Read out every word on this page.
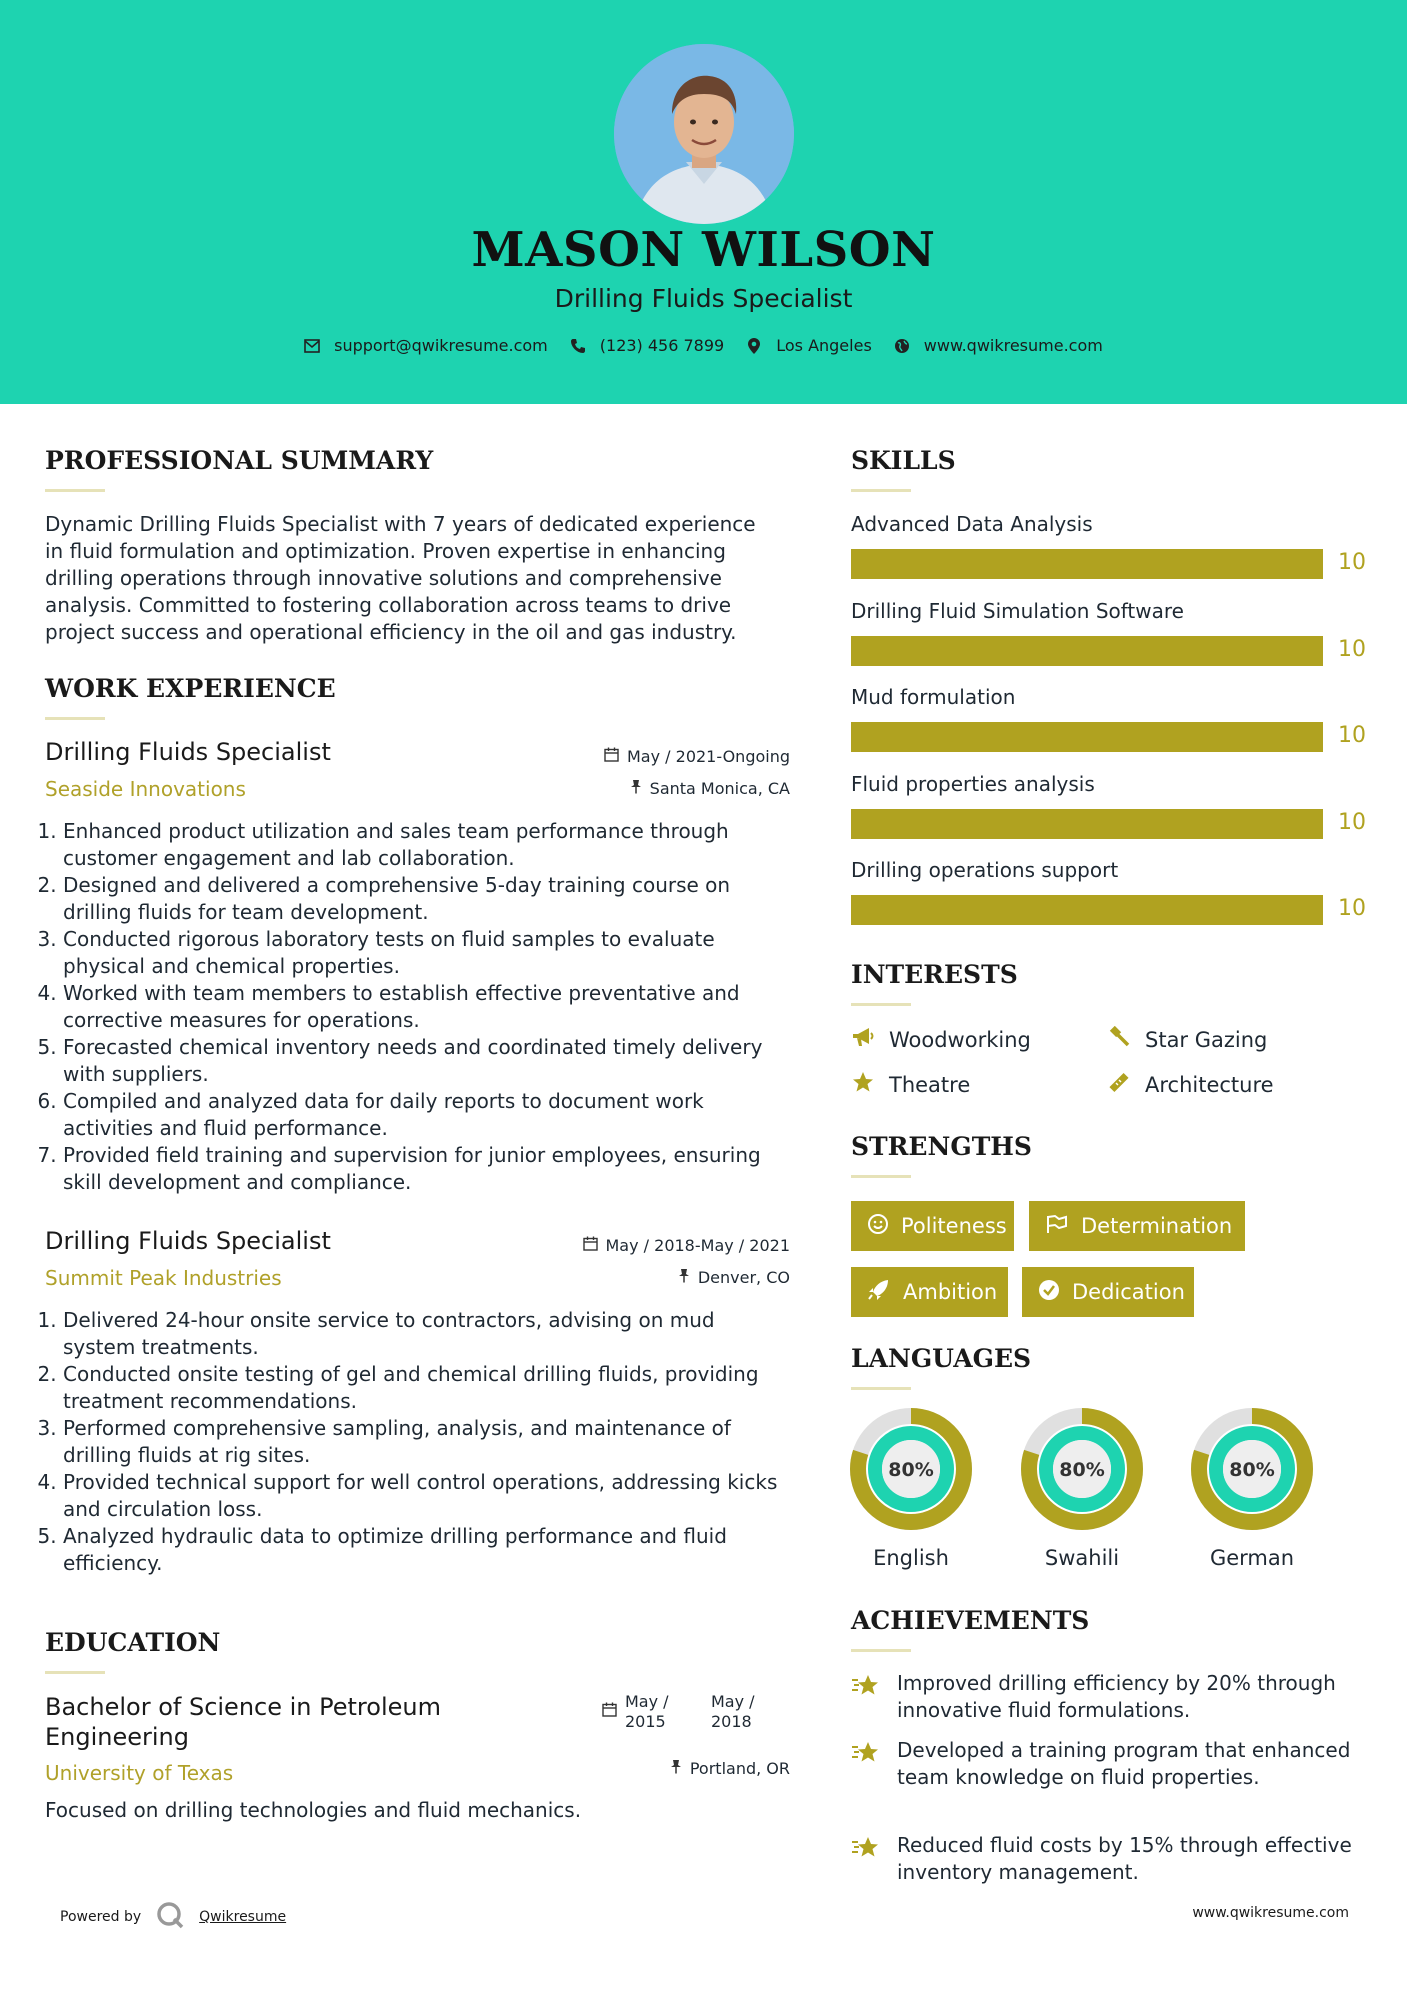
MASON WILSON
Drilling Fluids Specialist
support@qwikresume.com	(123) 456 7899	Los Angeles	www.qwikresume.com
PROFESSIONAL SUMMARY
Dynamic Drilling Fluids Specialist with 7 years of dedicated experience
in fluid formulation and optimization. Proven expertise in enhancing
drilling operations through innovative solutions and comprehensive
analysis. Committed to fostering collaboration across teams to drive
project success and operational efficiency in the oil and gas industry.
WORK EXPERIENCE
Drilling Fluids Specialist
Seaside Innovations
May / 2021-Ongoing
Santa Monica, CA
1. Enhanced product utilization and sales team performance through customer engagement and lab collaboration.
2. Designed and delivered a comprehensive 5-day training course on drilling fluids for team development.
3. Conducted rigorous laboratory tests on fluid samples to evaluate physical and chemical properties.
4. Worked with team members to establish effective preventative and corrective measures for operations.
5. Forecasted chemical inventory needs and coordinated timely delivery with suppliers.
6. Compiled and analyzed data for daily reports to document work activities and fluid performance.
7. Provided field training and supervision for junior employees, ensuring skill development and compliance.
Drilling Fluids Specialist
Summit Peak Industries
May / 2018-May / 2021
Denver, CO
1. Delivered 24-hour onsite service to contractors, advising on mud system treatments.
2. Conducted onsite testing of gel and chemical drilling fluids, providing treatment recommendations.
3. Performed comprehensive sampling, analysis, and maintenance of drilling fluids at rig sites.
4. Provided technical support for well control operations, addressing kicks and circulation loss.
5. Analyzed hydraulic data to optimize drilling performance and fluid efficiency.
EDUCATION
Bachelor of Science in Petroleum
Engineering
University of Texas
May /
2015
May /
2018
Portland, OR
Focused on drilling technologies and fluid mechanics.
SKILLS
Advanced Data Analysis
10
Drilling Fluid Simulation Software
10
Mud formulation
10
Fluid properties analysis
10
Drilling operations support
10
INTERESTS
Woodworking	Star Gazing
Theatre	Architecture
STRENGTHS
Politeness	Determination
Ambition	Dedication
LANGUAGES
80%
English
80%
Swahili
80%
German
ACHIEVEMENTS
Improved drilling efficiency by 20% through innovative fluid formulations.
Developed a training program that enhanced team knowledge on fluid properties.
Reduced fluid costs by 15% through effective inventory management.
Powered by	Qwikresume	www.qwikresume.com
